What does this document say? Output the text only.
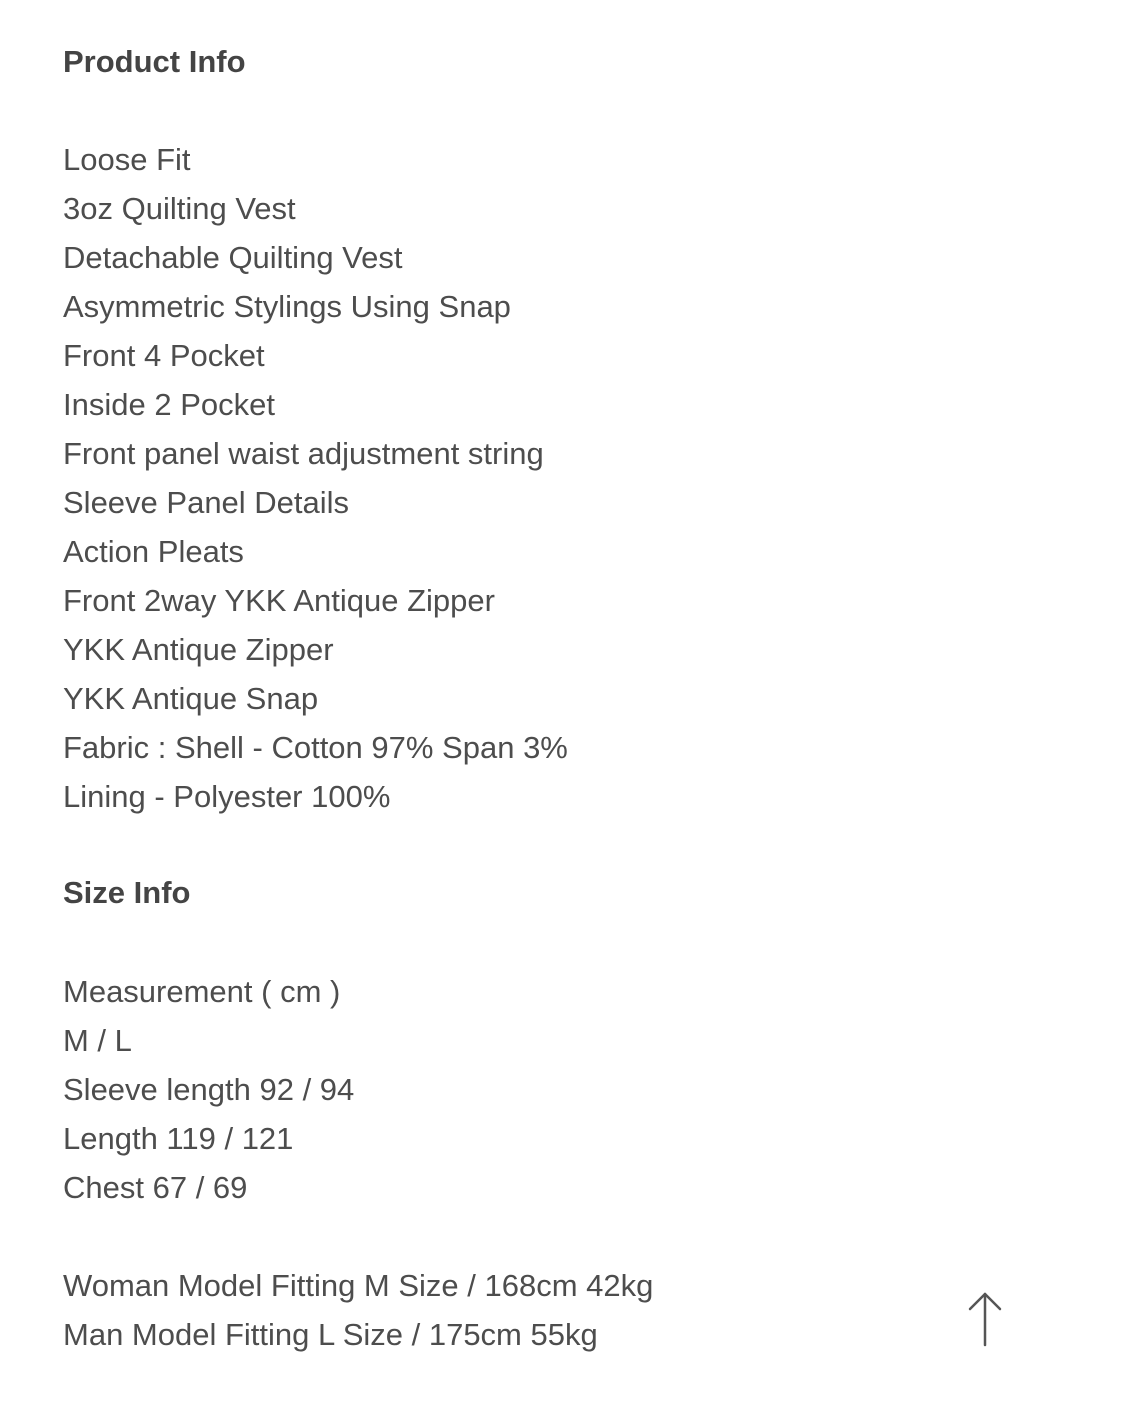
Product Info
Loose Fit
3oz Quilting Vest
Detachable Quilting Vest
Asymmetric Stylings Using Snap
Front 4 Pocket
Inside 2 Pocket
Front panel waist adjustment string
Sleeve Panel Details
Action Pleats
Front 2way YKK Antique Zipper
YKK Antique Zipper
YKK Antique Snap
Fabric : Shell - Cotton 97% Span 3%
Lining - Polyester 100%
Size Info
Measurement ( cm )
M / L
Sleeve length 92 / 94
Length 119 / 121
Chest 67 / 69
Woman Model Fitting M Size / 168cm 42kg
Man Model Fitting L Size / 175cm 55kg
